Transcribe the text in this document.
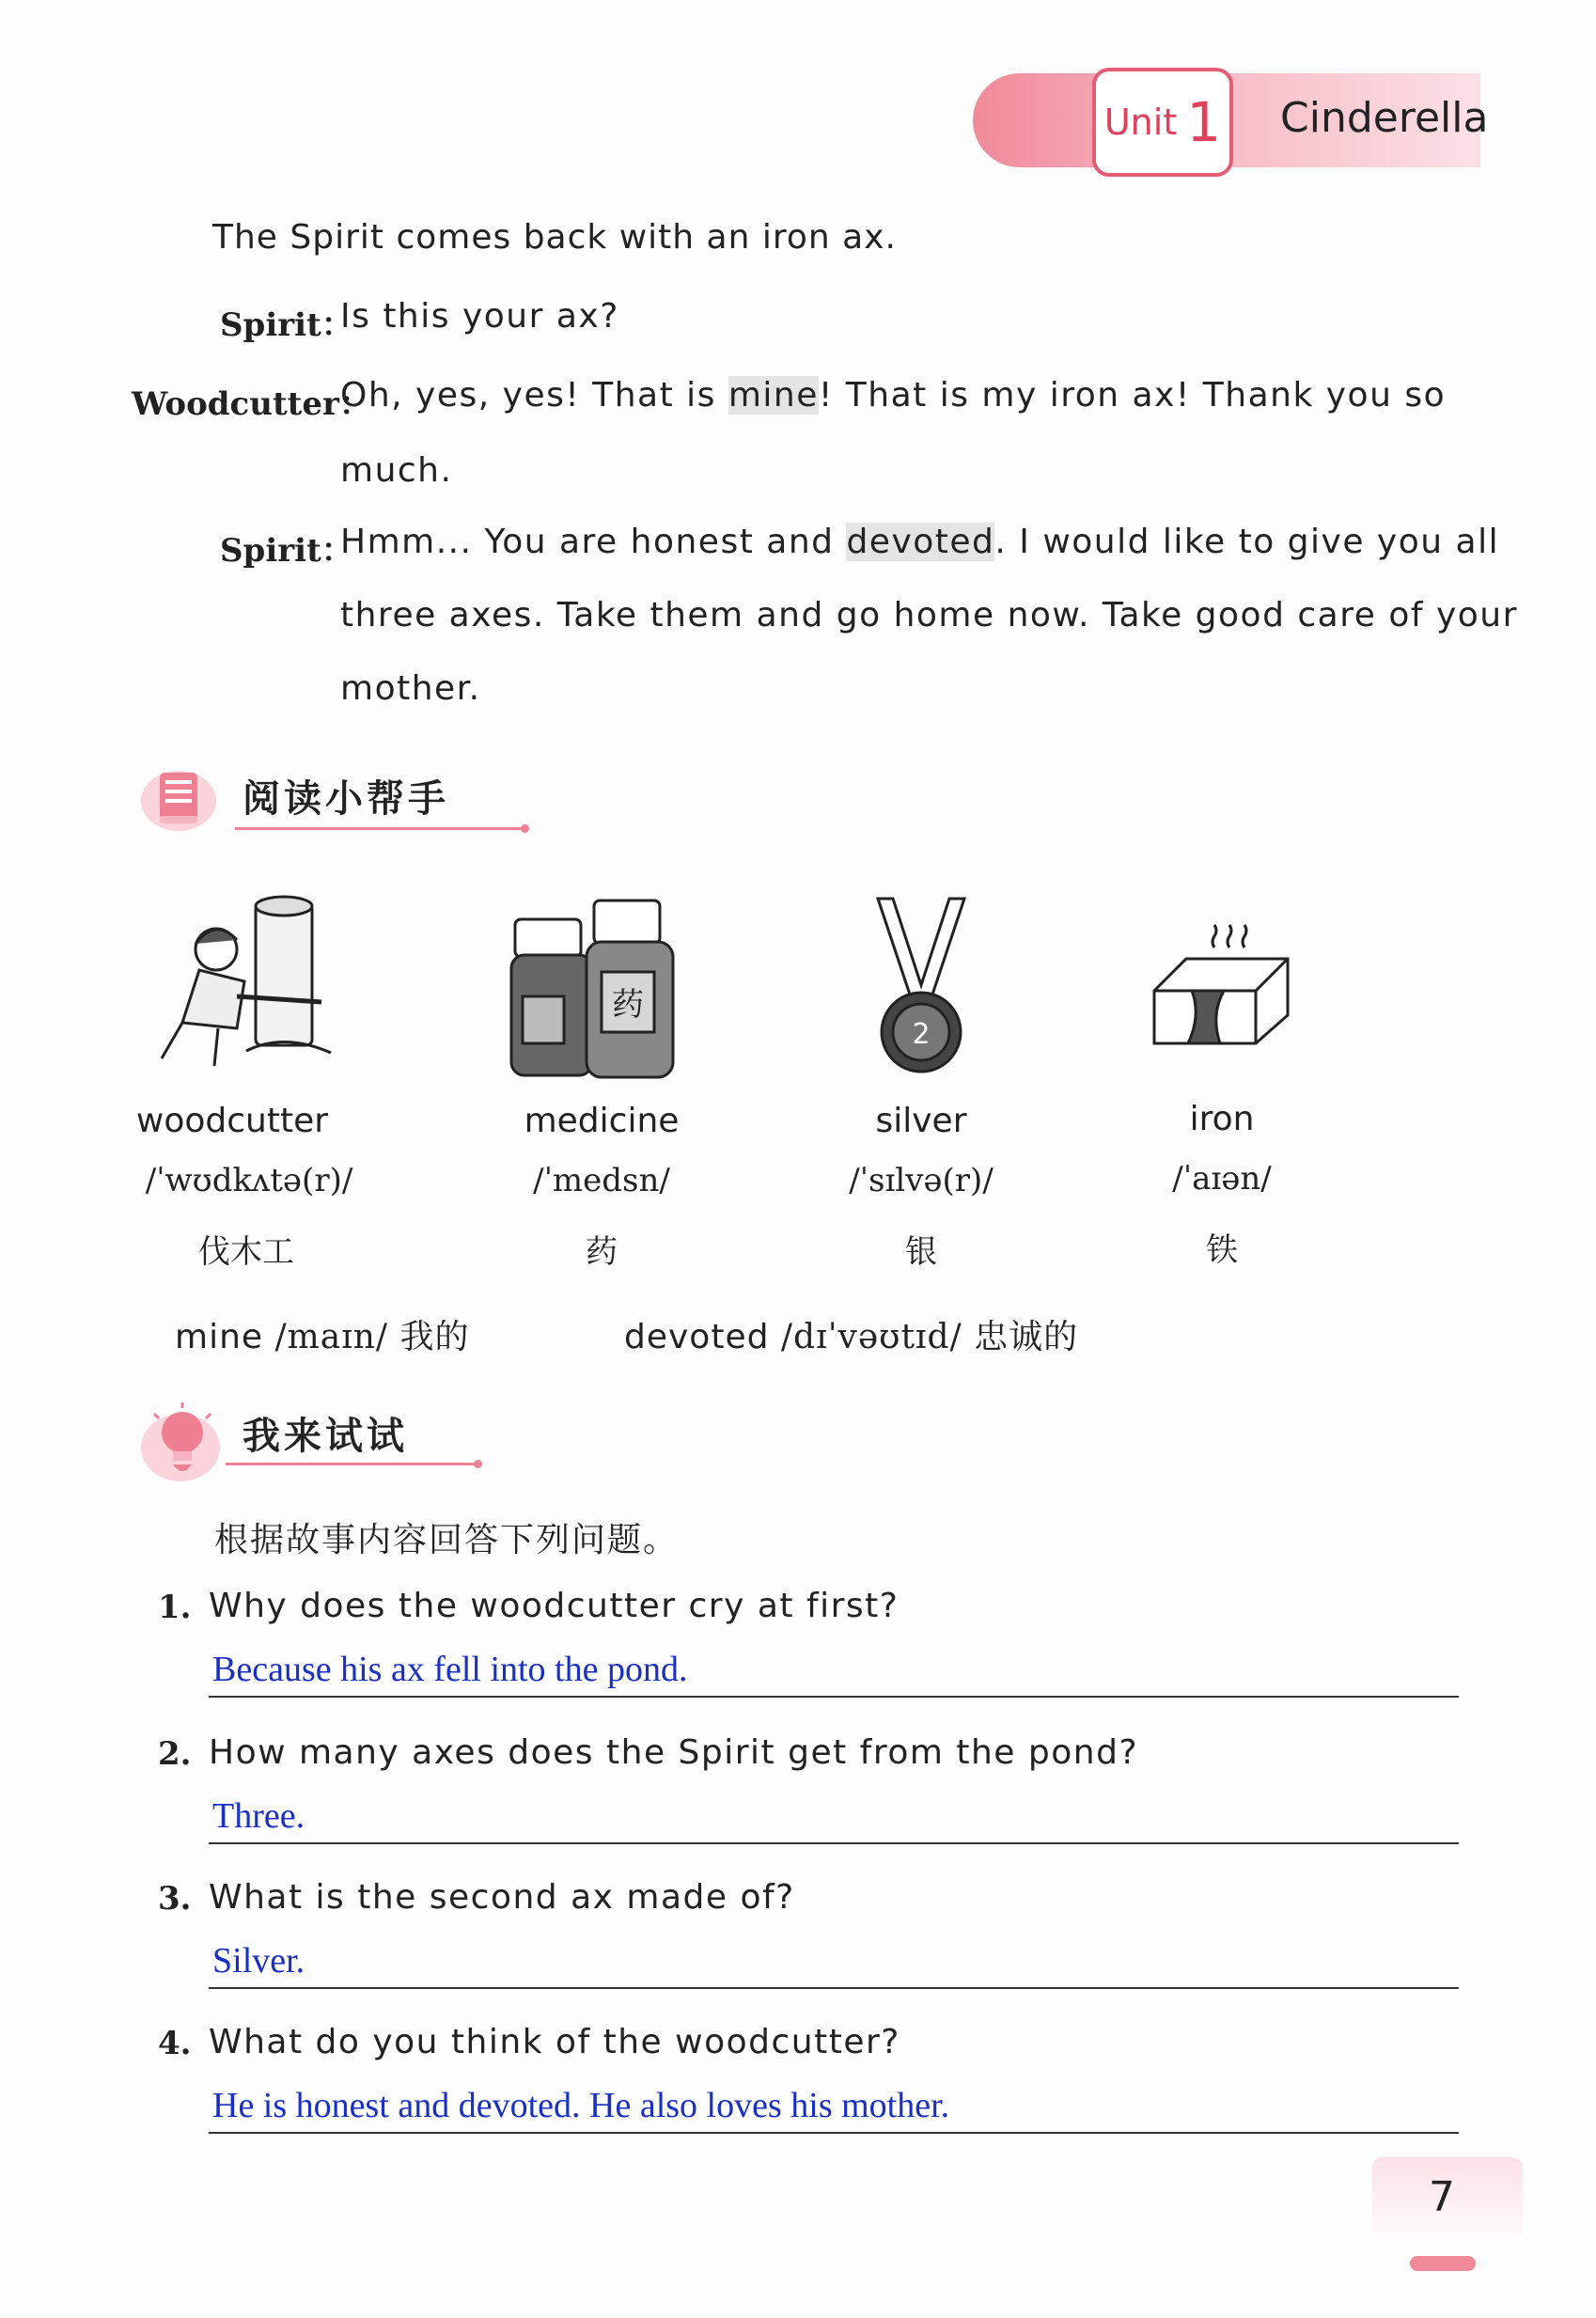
Unit 1 Cinderella
The Spirit comes back with an iron ax.
Spirit：
Is this your ax?
Woodcutter：
Oh, yes, yes! That is mine! That is my iron ax! Thank you so
much.
Spirit：
Hmm... You are honest and devoted. I would like to give you all
three axes. Take them and go home now. Take good care of your
mother.
阅读小帮手
药
2
woodcutter
/ˈwʊdkʌtə(r)/
伐木工
medicine
/ˈmedsn/
药
silver
/ˈsɪlvə(r)/
银
iron
/ˈaɪən/
铁
mine /maɪn/ 我的	devoted /dɪˈvəʊtɪd/ 忠诚的
我来试试
根据故事内容回答下列问题。
1. Why does the woodcutter cry at first?
Because his ax fell into the pond.
2. How many axes does the Spirit get from the pond?
Three.
3. What is the second ax made of?
Silver.
4. What do you think of the woodcutter?
He is honest and devoted. He also loves his mother.
7
